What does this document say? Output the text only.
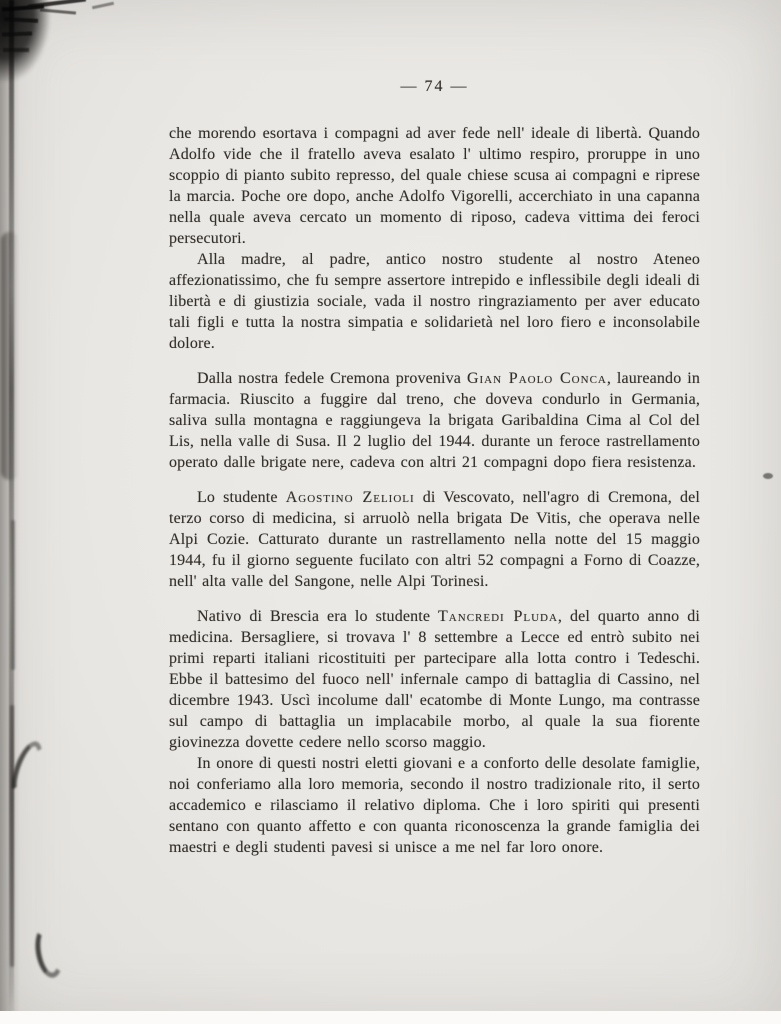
— 74 —

che morendo esortava i compagni ad aver fede nell' ideale di libertà. Quando Adolfo vide che il fratello aveva esalato l' ultimo respiro, proruppe in uno scoppio di pianto subito represso, del quale chiese scusa ai compagni e riprese la marcia. Poche ore dopo, anche Adolfo Vigorelli, accerchiato in una capanna nella quale aveva cercato un momento di riposo, cadeva vittima dei feroci persecutori.

Alla madre, al padre, antico nostro studente al nostro Ateneo affezionatissimo, che fu sempre assertore intrepido e inflessibile degli ideali di libertà e di giustizia sociale, vada il nostro ringraziamento per aver educato tali figli e tutta la nostra simpatia e solidarietà nel loro fiero e inconsolabile dolore.

Dalla nostra fedele Cremona proveniva Gian Paolo Conca, laureando in farmacia. Riuscito a fuggire dal treno, che doveva condurlo in Germania, saliva sulla montagna e raggiungeva la brigata Garibaldina Cima al Col del Lis, nella valle di Susa. Il 2 luglio del 1944. durante un feroce rastrellamento operato dalle brigate nere, cadeva con altri 21 compagni dopo fiera resistenza.

Lo studente Agostino Zelioli di Vescovato, nell'agro di Cremona, del terzo corso di medicina, si arruolò nella brigata De Vitis, che operava nelle Alpi Cozie. Catturato durante un rastrellamento nella notte del 15 maggio 1944, fu il giorno seguente fucilato con altri 52 compagni a Forno di Coazze, nell' alta valle del Sangone, nelle Alpi Torinesi.

Nativo di Brescia era lo studente Tancredi Pluda, del quarto anno di medicina. Bersagliere, si trovava l' 8 settembre a Lecce ed entrò subito nei primi reparti italiani ricostituiti per partecipare alla lotta contro i Tedeschi. Ebbe il battesimo del fuoco nell' infernale campo di battaglia di Cassino, nel dicembre 1943. Uscì incolume dall' ecatombe di Monte Lungo, ma contrasse sul campo di battaglia un implacabile morbo, al quale la sua fiorente giovinezza dovette cedere nello scorso maggio.

In onore di questi nostri eletti giovani e a conforto delle desolate famiglie, noi conferiamo alla loro memoria, secondo il nostro tradizionale rito, il serto accademico e rilasciamo il relativo diploma. Che i loro spiriti qui presenti sentano con quanto affetto e con quanta riconoscenza la grande famiglia dei maestri e degli studenti pavesi si unisce a me nel far loro onore.
